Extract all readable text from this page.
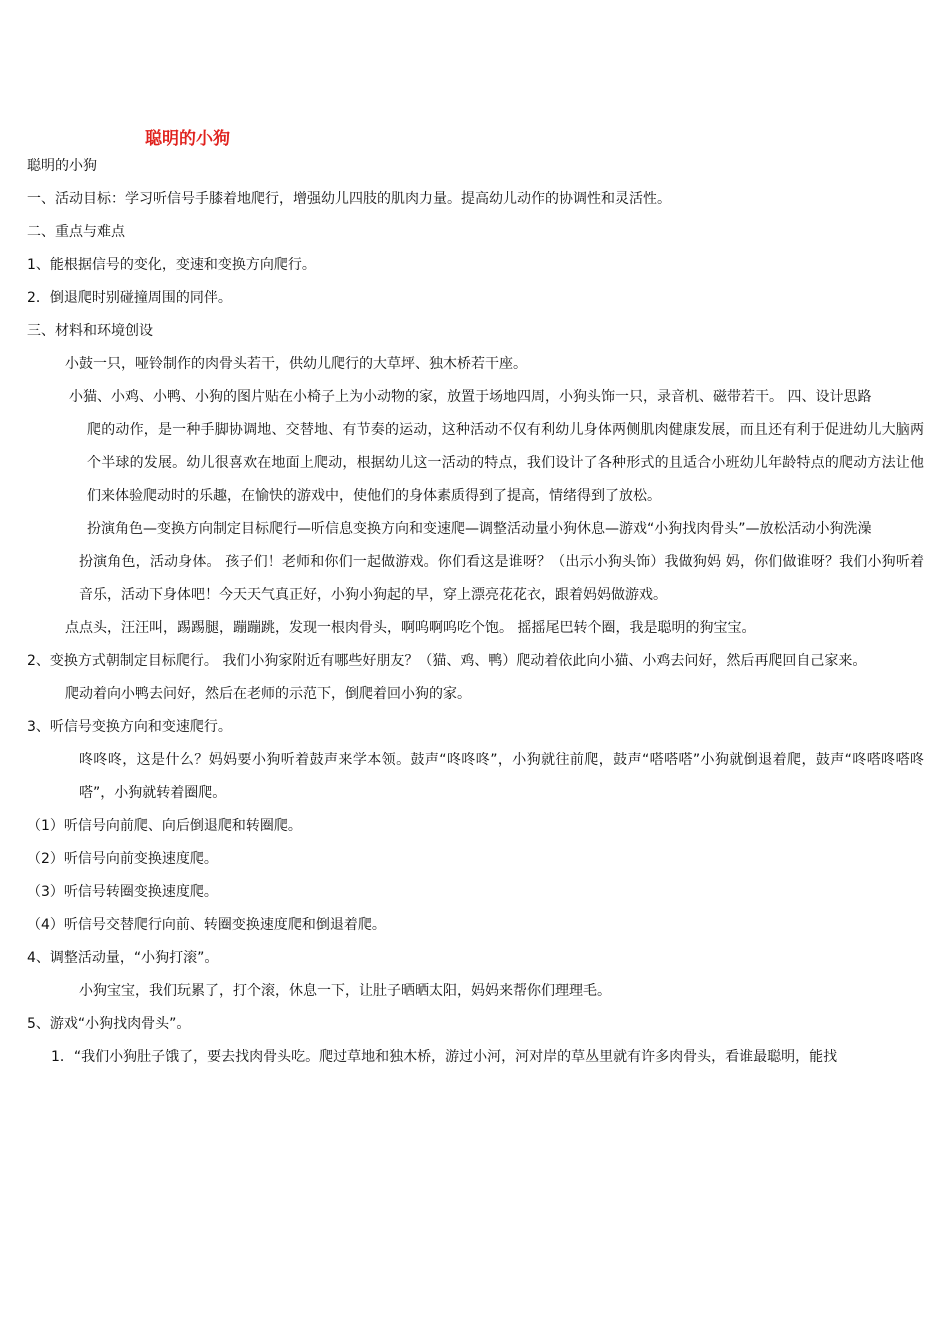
聪明的小狗

聪明的小狗

一、活动目标：学习听信号手膝着地爬行，增强幼儿四肢的肌肉力量。提高幼儿动作的协调性和灵活性。

二、重点与难点

1、能根据信号的变化，变速和变换方向爬行。

2．倒退爬时别碰撞周围的同伴。

三、材料和环境创设

小鼓一只，哑铃制作的肉骨头若干，供幼儿爬行的大草坪、独木桥若干座。

小猫、小鸡、小鸭、小狗的图片贴在小椅子上为小动物的家，放置于场地四周，小狗头饰一只，录音机、磁带若干。 四、设计思路

爬的动作，是一种手脚协调地、交替地、有节奏的运动，这种活动不仅有利幼儿身体两侧肌肉健康发展，而且还有利于促进幼儿大脑两个半球的发展。幼儿很喜欢在地面上爬动，根据幼儿这一活动的特点，我们设计了各种形式的且适合小班幼儿年龄特点的爬动方法让他们来体验爬动时的乐趣，在愉快的游戏中，使他们的身体素质得到了提高，情绪得到了放松。

扮演角色—变换方向制定目标爬行—听信息变换方向和变速爬—调整活动量小狗休息—游戏“小狗找肉骨头”—放松活动小狗洗澡

扮演角色，活动身体。 孩子们！老师和你们一起做游戏。你们看这是谁呀？（出示小狗头饰）我做狗妈 妈，你们做谁呀？我们小狗听着音乐，活动下身体吧！今天天气真正好，小狗小狗起的早，穿上漂亮花花衣，跟着妈妈做游戏。

点点头，汪汪叫，踢踢腿，蹦蹦跳，发现一根肉骨头，啊呜啊呜吃个饱。 摇摇尾巴转个圈，我是聪明的狗宝宝。

2、变换方式朝制定目标爬行。 我们小狗家附近有哪些好朋友？（猫、鸡、鸭）爬动着依此向小猫、小鸡去问好，然后再爬回自己家来。

爬动着向小鸭去问好，然后在老师的示范下，倒爬着回小狗的家。

3、听信号变换方向和变速爬行。

咚咚咚，这是什么？妈妈要小狗听着鼓声来学本领。鼓声“咚咚咚”，小狗就往前爬，鼓声“嗒嗒嗒”小狗就倒退着爬，鼓声“咚嗒咚嗒咚嗒”，小狗就转着圈爬。

（1）听信号向前爬、向后倒退爬和转圈爬。

（2）听信号向前变换速度爬。

（3）听信号转圈变换速度爬。

（4）听信号交替爬行向前、转圈变换速度爬和倒退着爬。

4、调整活动量，“小狗打滚”。

小狗宝宝，我们玩累了，打个滚，休息一下，让肚子晒晒太阳，妈妈来帮你们理理毛。

5、游戏“小狗找肉骨头”。

1．“我们小狗肚子饿了，要去找肉骨头吃。爬过草地和独木桥，游过小河，河对岸的草丛里就有许多肉骨头，看谁最聪明，能找
